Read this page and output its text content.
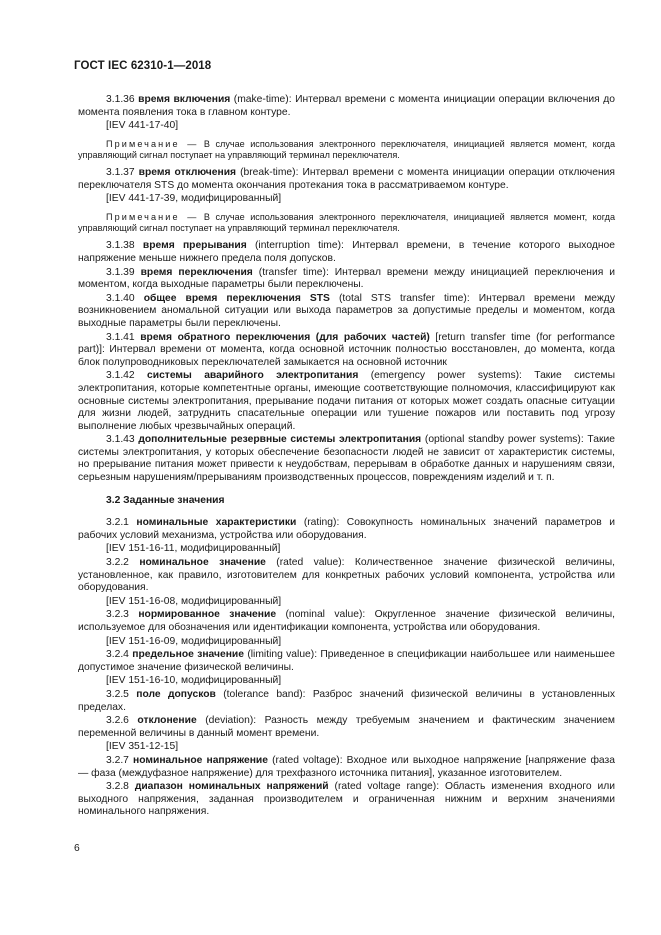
ГОСТ IEC 62310-1—2018

3.1.36 время включения (make-time): Интервал времени с момента инициации операции включения до момента появления тока в главном контуре.

[IEV 441-17-40]

Примечание — В случае использования электронного переключателя, инициацией является момент, когда управляющий сигнал поступает на управляющий терминал переключателя.

3.1.37 время отключения (break-time): Интервал времени с момента инициации операции отключения переключателя STS до момента окончания протекания тока в рассматриваемом контуре.

[IEV 441-17-39, модифицированный]

Примечание — В случае использования электронного переключателя, инициацией является момент, когда управляющий сигнал поступает на управляющий терминал переключателя.

3.1.38 время прерывания (interruption time): Интервал времени, в течение которого выходное напряжение меньше нижнего предела поля допусков.

3.1.39 время переключения (transfer time): Интервал времени между инициацией переключения и моментом, когда выходные параметры были переключены.

3.1.40 общее время переключения STS (total STS transfer time): Интервал времени между возникновением аномальной ситуации или выхода параметров за допустимые пределы и моментом, когда выходные параметры были переключены.

3.1.41 время обратного переключения (для рабочих частей) [return transfer time (for performance part)]: Интервал времени от момента, когда основной источник полностью восстановлен, до момента, когда блок полупроводниковых переключателей замыкается на основной источник

3.1.42 системы аварийного электропитания (emergency power systems): Такие системы электропитания, которые компетентные органы, имеющие соответствующие полномочия, классифицируют как основные системы электропитания, прерывание подачи питания от которых может создать опасные ситуации для жизни людей, затруднить спасательные операции или тушение пожаров или поставить под угрозу выполнение любых чрезвычайных операций.

3.1.43 дополнительные резервные системы электропитания (optional standby power systems): Такие системы электропитания, у которых обеспечение безопасности людей не зависит от характеристик системы, но прерывание питания может привести к неудобствам, перерывам в обработке данных и нарушениям связи, серьезным нарушениям/прерываниям производственных процессов, повреждениям изделий и т. п.

3.2 Заданные значения

3.2.1 номинальные характеристики (rating): Совокупность номинальных значений параметров и рабочих условий механизма, устройства или оборудования.

[IEV 151-16-11, модифицированный]

3.2.2 номинальное значение (rated value): Количественное значение физической величины, установленное, как правило, изготовителем для конкретных рабочих условий компонента, устройства или оборудования.

[IEV 151-16-08, модифицированный]

3.2.3 нормированное значение (nominal value): Округленное значение физической величины, используемое для обозначения или идентификации компонента, устройства или оборудования.

[IEV 151-16-09, модифицированный]

3.2.4 предельное значение (limiting value): Приведенное в спецификации наибольшее или наименьшее допустимое значение физической величины.

[IEV 151-16-10, модифицированный]

3.2.5 поле допусков (tolerance band): Разброс значений физической величины в установленных пределах.

3.2.6 отклонение (deviation): Разность между требуемым значением и фактическим значением переменной величины в данный момент времени.

[IEV 351-12-15]

3.2.7 номинальное напряжение (rated voltage): Входное или выходное напряжение [напряжение фаза — фаза (междуфазное напряжение) для трехфазного источника питания], указанное изготовителем.

3.2.8 диапазон номинальных напряжений (rated voltage range): Область изменения входного или выходного напряжения, заданная производителем и ограниченная нижним и верхним значениями номинального напряжения.

6
